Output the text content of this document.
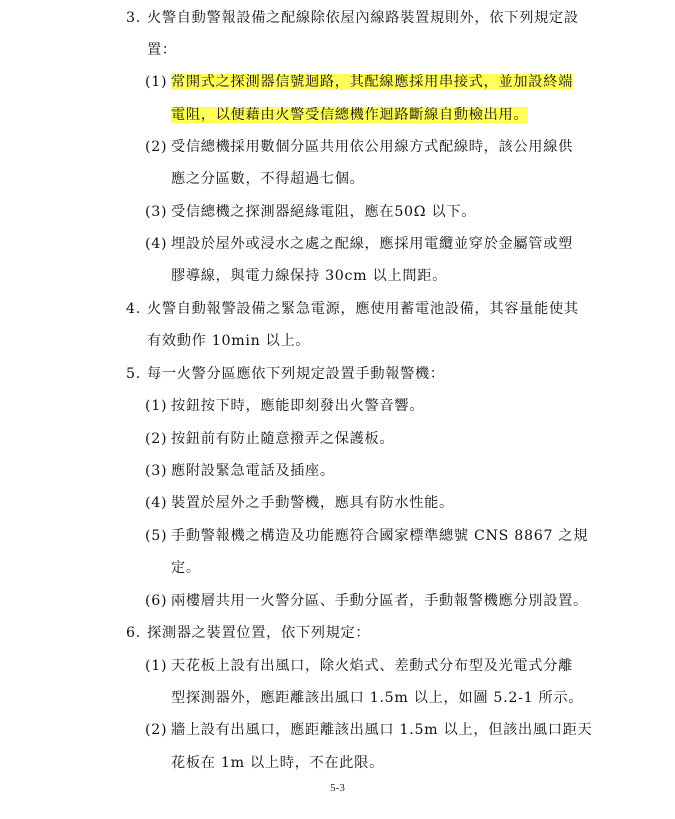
3. 火警自動警報設備之配線除依屋內線路裝置規則外，依下列規定設
置：
(1) 常開式之探測器信號迴路，其配線應採用串接式，並加設終端
電阻，以便藉由火警受信總機作迴路斷線自動檢出用。
(2) 受信總機採用數個分區共用依公用線方式配線時，該公用線供
應之分區數，不得超過七個。
(3) 受信總機之探測器絕緣電阻，應在50Ω 以下。
(4) 埋設於屋外或浸水之處之配線，應採用電纜並穿於金屬管或塑
膠導線，與電力線保持 30cm 以上間距。
4. 火警自動報警設備之緊急電源，應使用蓄電池設備，其容量能使其
有效動作 10min 以上。
5. 每一火警分區應依下列規定設置手動報警機：
(1) 按鈕按下時，應能即刻發出火警音響。
(2) 按鈕前有防止隨意撥弄之保護板。
(3) 應附設緊急電話及插座。
(4) 裝置於屋外之手動警機，應具有防水性能。
(5) 手動警報機之構造及功能應符合國家標準總號 CNS 8867 之規
定。
(6) 兩樓層共用一火警分區、手動分區者，手動報警機應分別設置。
6. 探測器之裝置位置，依下列規定：
(1) 天花板上設有出風口，除火焰式、差動式分布型及光電式分離
型探測器外，應距離該出風口 1.5m 以上，如圖 5.2-1 所示。
(2) 牆上設有出風口，應距離該出風口 1.5m 以上，但該出風口距天
花板在 1m 以上時，不在此限。
5-3
